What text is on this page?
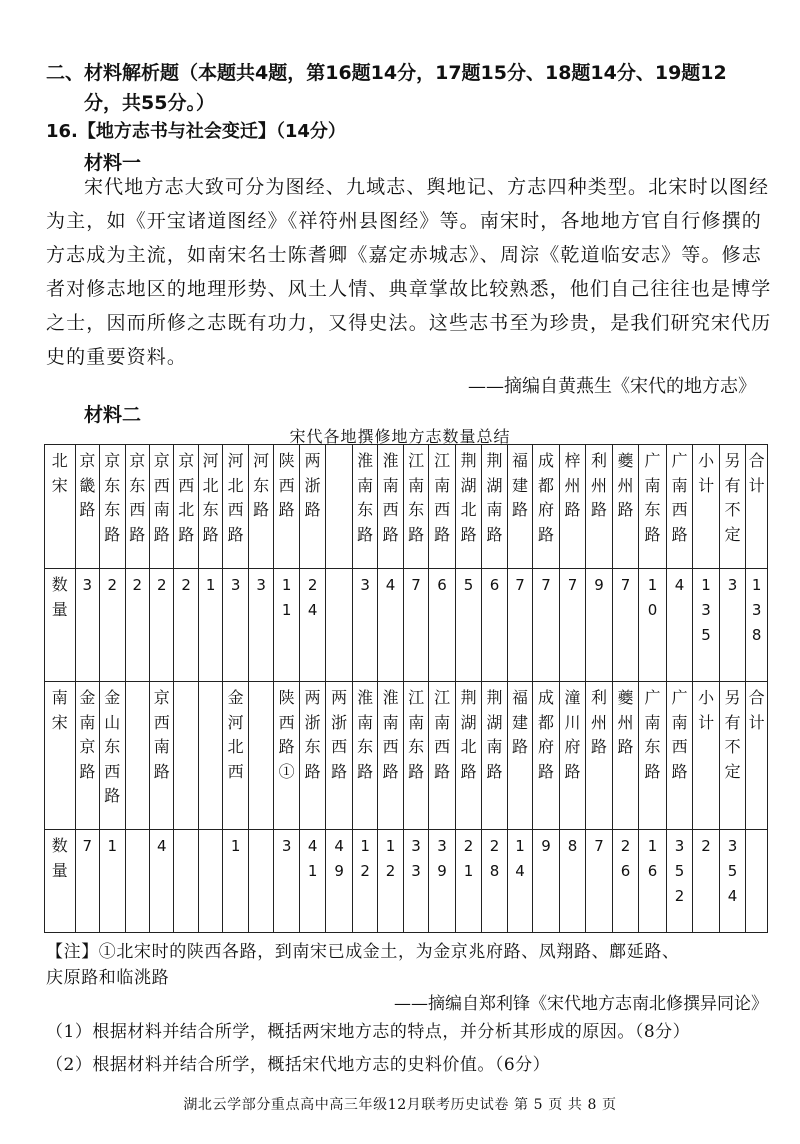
二、材料解析题（本题共4题，第16题14分，17题15分、18题14分、19题12
分，共55分。）
16.【地方志书与社会变迁】（14分）
材料一
宋代地方志大致可分为图经、九域志、舆地记、方志四种类型。北宋时以图经
为主，如《开宝诸道图经》《祥符州县图经》等。南宋时，各地地方官自行修撰的
方志成为主流，如南宋名士陈耆卿《嘉定赤城志》、周淙《乾道临安志》等。修志
者对修志地区的地理形势、风土人情、典章掌故比较熟悉，他们自己往往也是博学
之士，因而所修之志既有功力，又得史法。这些志书至为珍贵，是我们研究宋代历
史的重要资料。
——摘编自黄燕生《宋代的地方志》
材料二
宋代各地撰修地方志数量总结
北宋	京畿路	京东东路	京东西路	京西南路	京西北路	河北东路	河北西路	河东路	陕西路	两浙路		淮南东路	淮南西路	江南东路	江南西路	荆湖北路	荆湖南路	福建路	成都府路	梓州路	利州路	夔州路	广南东路	广南西路	小计	另有不定	合计

数量	3	2	2	2	2	1	3	3	11	24		3	4	7	6	5	6	7	7	7	9	7	10	4	135	3	138

南宋	金南京路	金山东西路		京西南路			金河北西		陕西路①	两浙东路	两浙西路	淮南东路	淮南西路	江南东路	江南西路	荆湖北路	荆湖南路	福建路	成都府路	潼川府路	利州路	夔州路	广南东路	广南西路	小计	另有不定	合计

数量	7	1		4			1		3	41	49	12	12	33	39	21	28	14	9	8	7	26	16	352	2	354	

【注】①北宋时的陕西各路，到南宋已成金土，为金京兆府路、凤翔路、鄜延路、
庆原路和临洮路
——摘编自郑利锋《宋代地方志南北修撰异同论》
（1）根据材料并结合所学，概括两宋地方志的特点，并分析其形成的原因。（8分）
（2）根据材料并结合所学，概括宋代地方志的史料价值。（6分）
湖北云学部分重点高中高三年级12月联考历史试卷 第 5 页 共 8 页
